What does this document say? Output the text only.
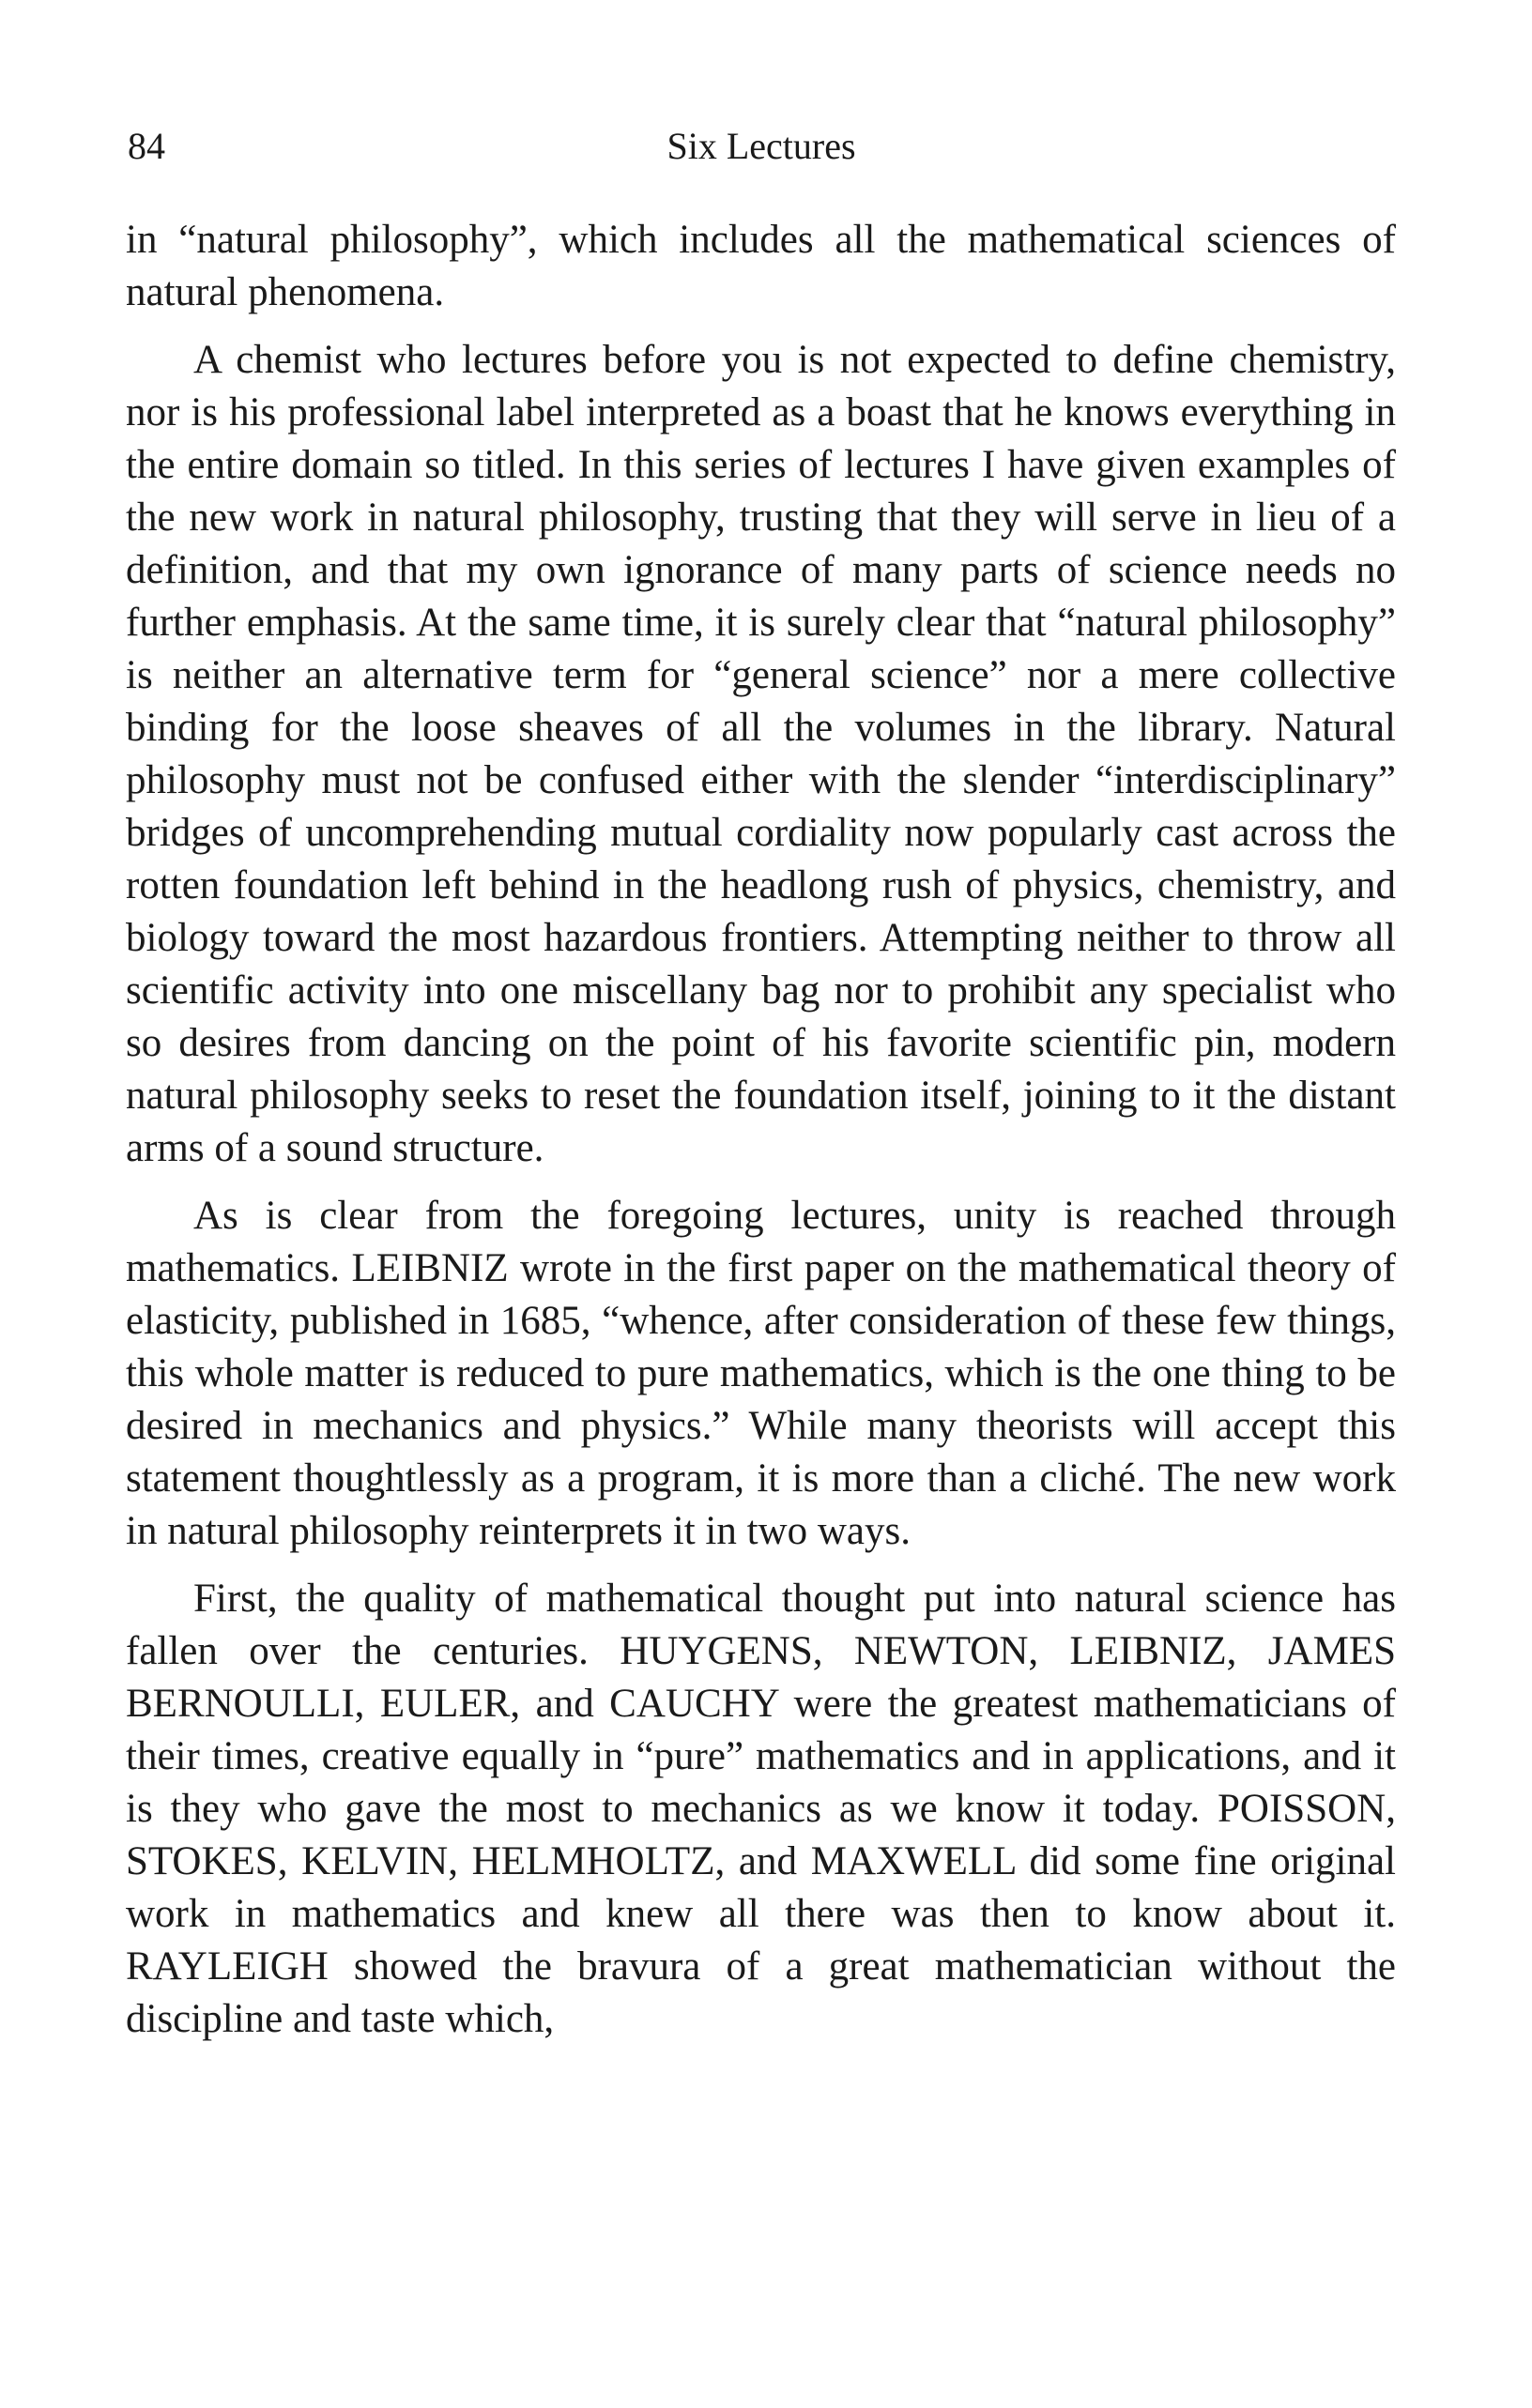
84	Six Lectures

in “natural philosophy”, which includes all the mathematical sciences of natural phenomena.

A chemist who lectures before you is not expected to define chemistry, nor is his professional label interpreted as a boast that he knows everything in the entire domain so titled. In this series of lectures I have given examples of the new work in natural philosophy, trusting that they will serve in lieu of a definition, and that my own ignorance of many parts of science needs no further emphasis. At the same time, it is surely clear that “natural philosophy” is neither an alternative term for “general science” nor a mere collective binding for the loose sheaves of all the volumes in the library. Natural philosophy must not be confused either with the slender “interdisciplinary” bridges of uncomprehending mutual cordiality now popularly cast across the rotten foundation left behind in the headlong rush of physics, chemistry, and biology toward the most hazardous frontiers. Attempting neither to throw all scientific activity into one miscellany bag nor to prohibit any specialist who so desires from dancing on the point of his favorite scientific pin, modern natural philosophy seeks to reset the foundation itself, joining to it the distant arms of a sound structure.

As is clear from the foregoing lectures, unity is reached through mathematics. LEIBNIZ wrote in the first paper on the mathematical theory of elasticity, published in 1685, “whence, after consideration of these few things, this whole matter is reduced to pure mathematics, which is the one thing to be desired in mechanics and physics.” While many theorists will accept this statement thoughtlessly as a program, it is more than a cliché. The new work in natural philosophy reinterprets it in two ways.

First, the quality of mathematical thought put into natural science has fallen over the centuries. HUYGENS, NEWTON, LEIBNIZ, JAMES BERNOULLI, EULER, and CAUCHY were the greatest mathematicians of their times, creative equally in “pure” mathematics and in applications, and it is they who gave the most to mechanics as we know it today. POISSON, STOKES, KELVIN, HELMHOLTZ, and MAXWELL did some fine original work in mathematics and knew all there was then to know about it. RAYLEIGH showed the bravura of a great mathematician without the discipline and taste which,
